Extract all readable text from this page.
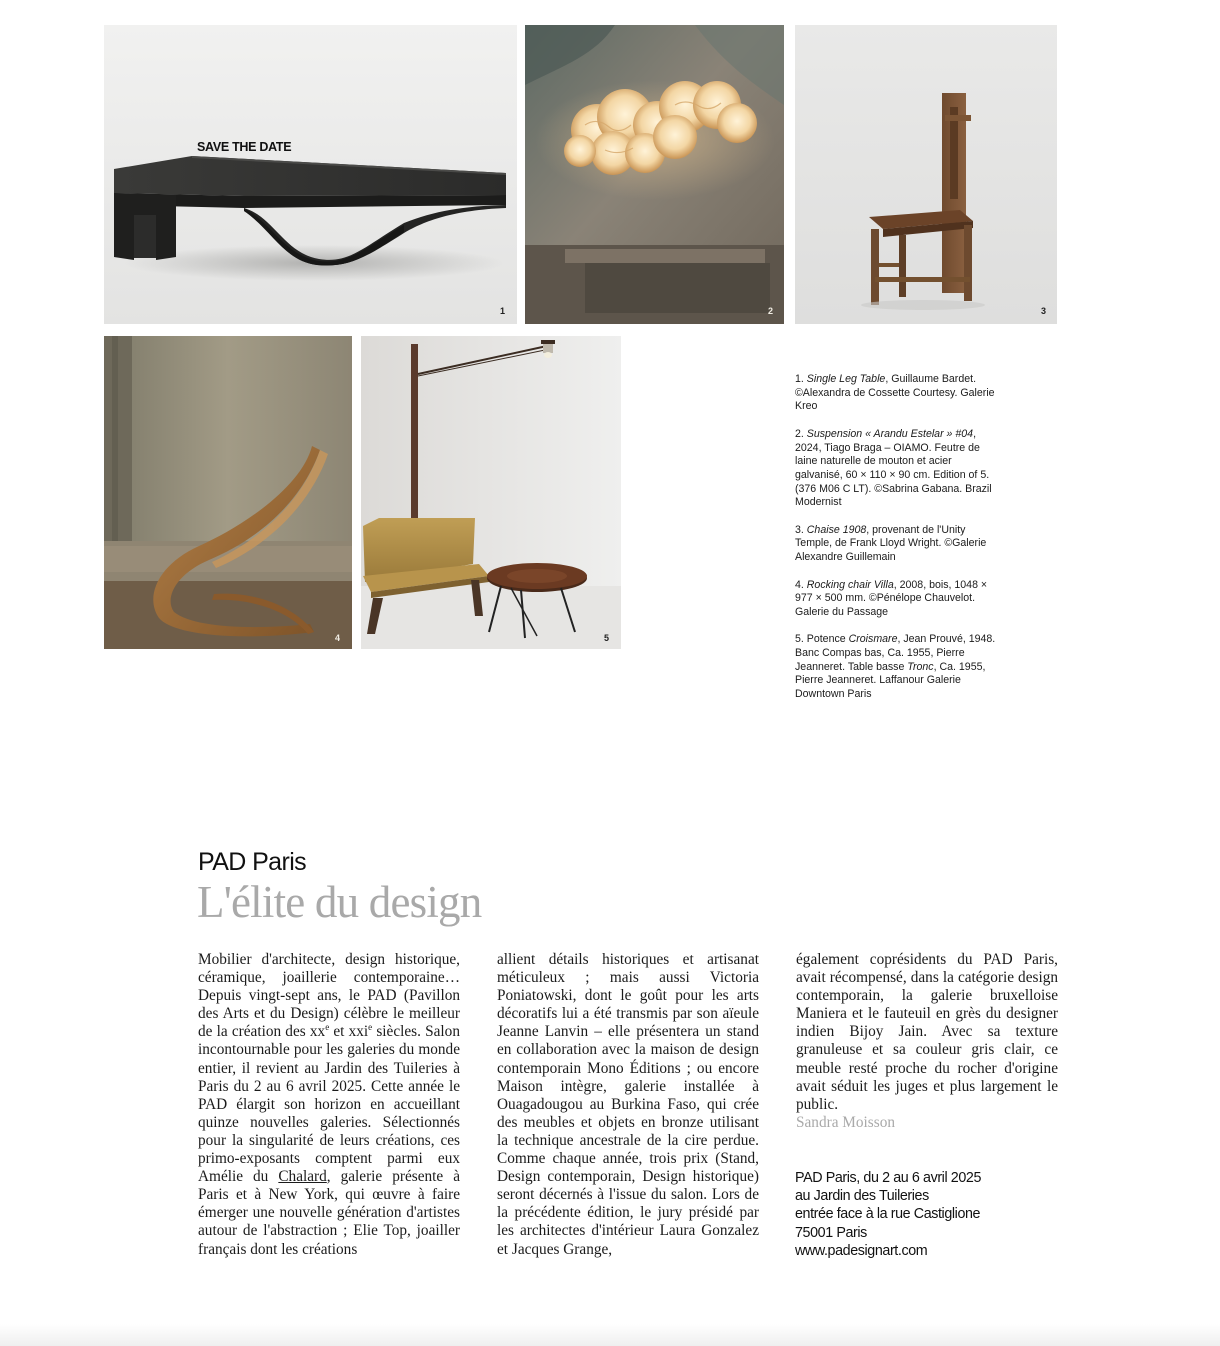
SAVE THE DATE
1	2	3
4	5

1. Single Leg Table, Guillaume Bardet. ©Alexandra de Cossette Courtesy. Galerie Kreo

2. Suspension « Arandu Estelar » #04, 2024, Tiago Braga – OIAMO. Feutre de laine naturelle de mouton et acier galvanisé, 60 × 110 × 90 cm. Edition of 5. (376 M06 C LT). ©Sabrina Gabana. Brazil Modernist

3. Chaise 1908, provenant de l'Unity Temple, de Frank Lloyd Wright. ©Galerie Alexandre Guillemain

4. Rocking chair Villa, 2008, bois, 1048 × 977 × 500 mm. ©Pénélope Chauvelot. Galerie du Passage

5. Potence Croismare, Jean Prouvé, 1948. Banc Compas bas, Ca. 1955, Pierre Jeanneret. Table basse Tronc, Ca. 1955, Pierre Jeanneret. Laffanour Galerie Downtown Paris

PAD Paris
L'élite du design

Mobilier d'architecte, design historique, céramique, joaillerie contemporaine… Depuis vingt-sept ans, le PAD (Pavillon des Arts et du Design) célèbre le meilleur de la création des $xx^e$ et xxi$^e$ siècles. Salon incontournable pour les galeries du monde entier, il revient au Jardin des Tuileries à Paris du 2 au 6 avril 2025. Cette année le PAD élargit son horizon en accueillant quinze nouvelles galeries. Sélectionnés pour la singularité de leurs créations, ces primo-exposants comptent parmi eux Amélie du Chalard, galerie présente à Paris et à New York, qui œuvre à faire émerger une nouvelle génération d'artistes autour de l'abstraction ; Elie Top, joailler français dont les créations

allient détails historiques et artisanat méticuleux ; mais aussi Victoria Poniatowski, dont le goût pour les arts décoratifs lui a été transmis par son aïeule Jeanne Lanvin – elle présentera un stand en collaboration avec la maison de design contemporain Mono Éditions ; ou encore Maison intègre, galerie installée à Ouagadougou au Burkina Faso, qui crée des meubles et objets en bronze utilisant la technique ancestrale de la cire perdue. Comme chaque année, trois prix (Stand, Design contemporain, Design historique) seront décernés à l'issue du salon. Lors de la précédente édition, le jury présidé par les architectes d'intérieur Laura Gonzalez et Jacques Grange,

également coprésidents du PAD Paris, avait récompensé, dans la catégorie design contemporain, la galerie bruxelloise Maniera et le fauteuil en grès du designer indien Bijoy Jain. Avec sa texture granuleuse et sa couleur gris clair, ce meuble resté proche du rocher d'origine avait séduit les juges et plus largement le public.

Sandra Moisson

PAD Paris, du 2 au 6 avril 2025
au Jardin des Tuileries
entrée face à la rue Castiglione
75001 Paris
www.padesignart.com
